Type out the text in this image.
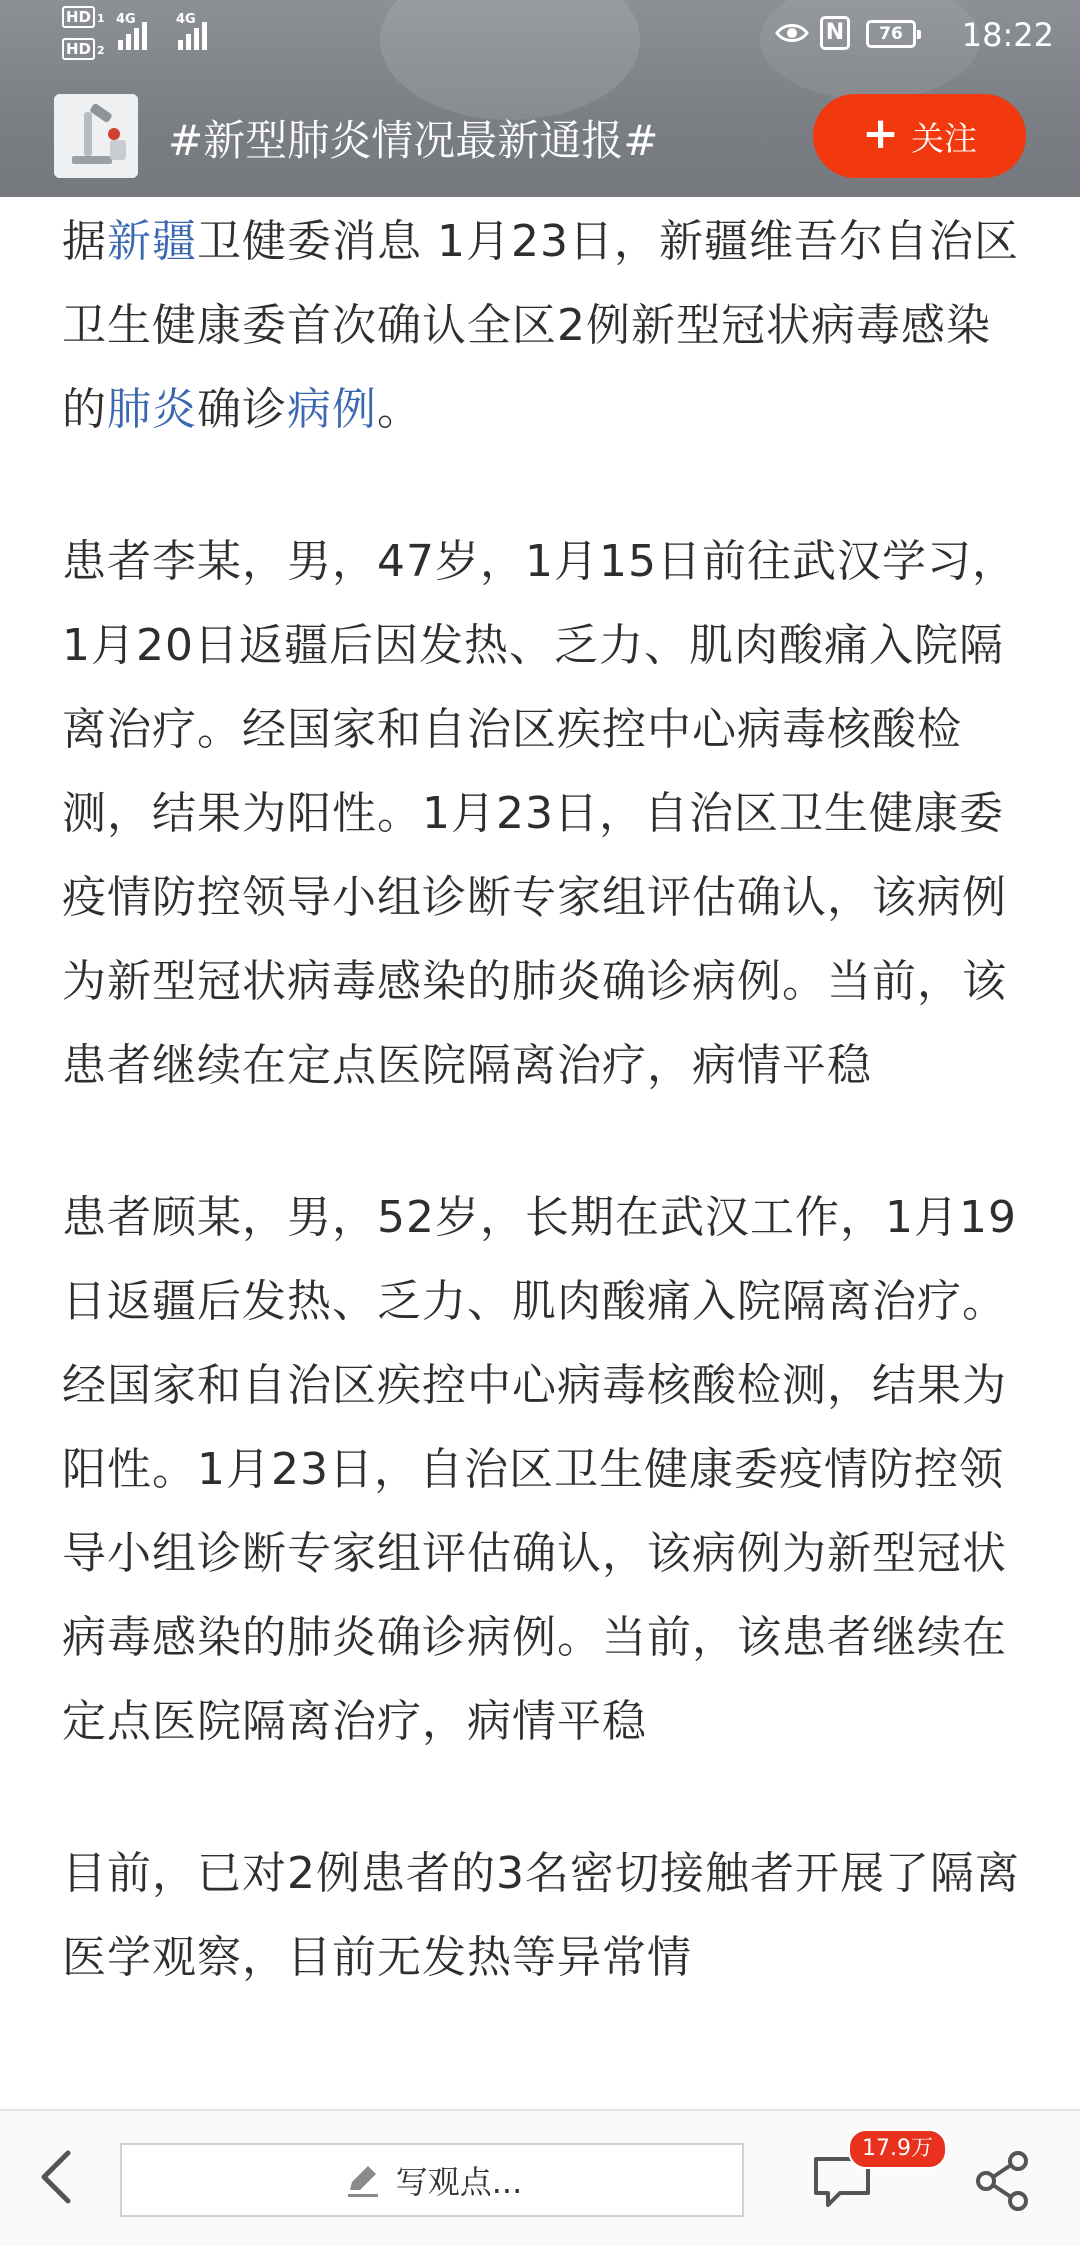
HD 1
HD 2
4G	4G
N	76	18:22
#新型肺炎情况最新通报#	+ 关注

据新疆卫健委消息 1月23日，新疆维吾尔自治区卫生健康委首次确认全区2例新型冠状病毒感染的肺炎确诊病例。

患者李某，男，47岁，1月15日前往武汉学习，1月20日返疆后因发热、乏力、肌肉酸痛入院隔离治疗。经国家和自治区疾控中心病毒核酸检测，结果为阳性。1月23日，自治区卫生健康委疫情防控领导小组诊断专家组评估确认，该病例为新型冠状病毒感染的肺炎确诊病例。当前，该患者继续在定点医院隔离治疗，病情平稳

患者顾某，男，52岁，长期在武汉工作，1月19日返疆后发热、乏力、肌肉酸痛入院隔离治疗。经国家和自治区疾控中心病毒核酸检测，结果为阳性。1月23日，自治区卫生健康委疫情防控领导小组诊断专家组评估确认，该病例为新型冠状病毒感染的肺炎确诊病例。当前，该患者继续在定点医院隔离治疗，病情平稳

目前，已对2例患者的3名密切接触者开展了隔离医学观察，目前无发热等异常情

写观点...
17.9万
